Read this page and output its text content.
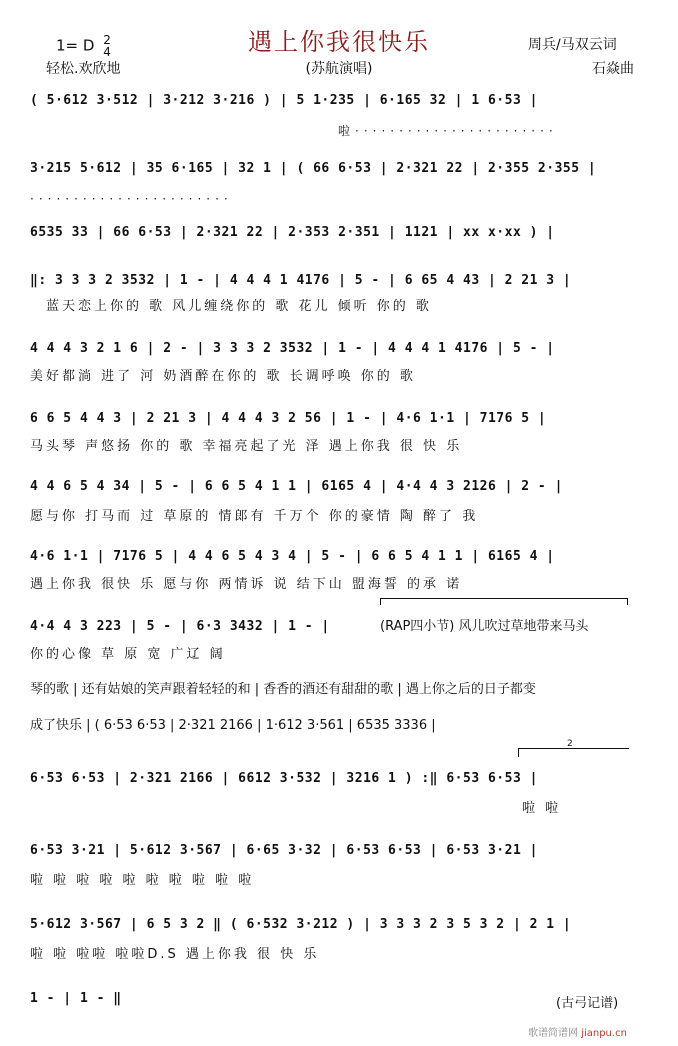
遇上你我很快乐
1= D 2
4
轻松.欢欣地	(苏航演唱)
周兵/马双云词
石焱曲
( 5·612 3·512 | 3·212 3·216 ) | 5 1·235 | 6·165 32 | 1 6·53 |
啦·······················
3·215 5·612 | 35 6·165 | 32 1 | ( 66 6·53 | 2·321 22 | 2·355 2·355 |
·······················
6535 33 | 66 6·53 | 2·321 22 | 2·353 2·351 | 1121 | xx x·xx ) |
‖: 3 3 3 2 3532 | 1 - | 4 4 4 1 4176 | 5 - | 6 65 4 43 | 2 21 3 |
蓝天恋上你的 歌 风儿缠绕你的 歌 花儿 倾听 你的 歌
4 4 4 3 2 1 6 | 2 - | 3 3 3 2 3532 | 1 - | 4 4 4 1 4176 | 5 - |
美好都淌 进了 河 奶酒醉在你的 歌 长调呼唤 你的 歌
6 6 5 4 4 3 | 2 21 3 | 4 4 4 3 2 56 | 1 - | 4·6 1·1 | 7176 5 |
马头琴 声悠扬 你的 歌 幸福亮起了光 泽 遇上你我 很 快 乐
4 4 6 5 4 34 | 5 - | 6 6 5 4 1 1 | 6165 4 | 4·4 4 3 2126 | 2 - |
愿与你 打马而 过 草原的 情郎有 千万个 你的豪情 陶 醉了 我
4·6 1·1 | 7176 5 | 4 4 6 5 4 3 4 | 5 - | 6 6 5 4 1 1 | 6165 4 |
遇上你我 很快 乐 愿与你 两情诉 说 结下山 盟海誓 的承 诺
4·4 4 3 223 | 5 - | 6·3 3432 | 1 - |	(RAP四小节) 风儿吹过草地带来马头
你的心像 草 原 宽 广辽 阔
琴的歌 | 还有姑娘的笑声跟着轻轻的和 | 香香的酒还有甜甜的歌 | 遇上你之后的日子都变
成了快乐 | ( 6·53 6·53 | 2·321 2166 | 1·612 3·561 | 6535 3336 |
2
6·53 6·53 | 2·321 2166 | 6612 3·532 | 3216 1 ) :‖ 6·53 6·53 |
啦 啦
6·53 3·21 | 5·612 3·567 | 6·65 3·32 | 6·53 6·53 | 6·53 3·21 |
啦 啦 啦 啦 啦 啦 啦 啦 啦 啦
5·612 3·567 | 6 5 3 2 ‖ ( 6·532 3·212 ) | 3 3 3 2 3 5 3 2 | 2 1 |
啦 啦 啦啦 啦啦D.S 遇上你我 很 快 乐
1 - | 1 - ‖	(古弓记谱)
歌谱简谱网 jianpu.cn
